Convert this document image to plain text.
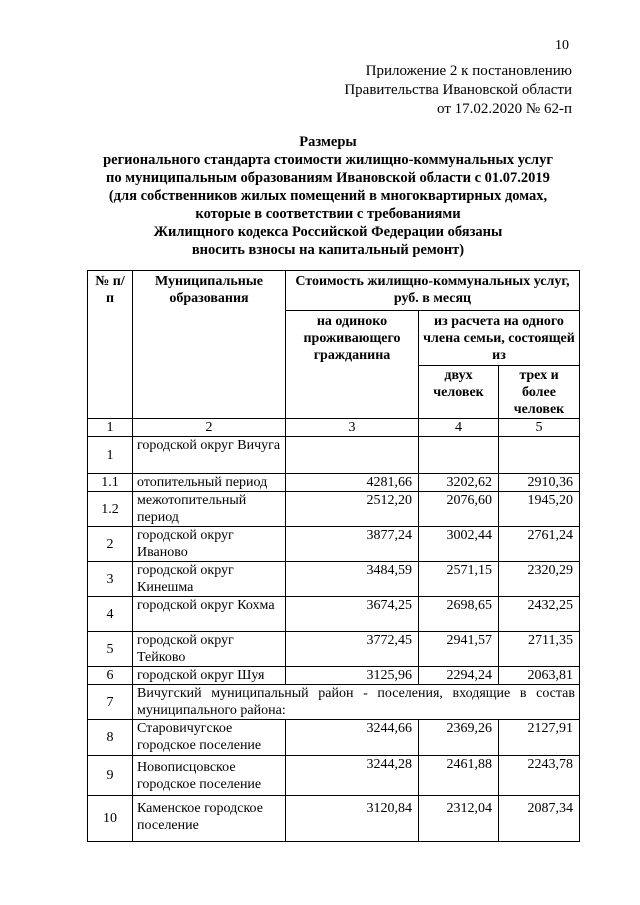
10
Приложение 2 к постановлению
Правительства Ивановской области
от 17.02.2020 № 62-п
Размеры
регионального стандарта стоимости жилищно-коммунальных услуг
по муниципальным образованиям Ивановской области с 01.07.2019
(для собственников жилых помещений в многоквартирных домах,
которые в соответствии с требованиями
Жилищного кодекса Российской Федерации обязаны
вносить взносы на капитальный ремонт)
№ п/п	Муниципальные образования	Стоимость жилищно-коммунальных услуг, руб. в месяц		
		на одиноко проживающего гражданина	из расчета на одного члена семьи, состоящей из	
			двух человек	трех и более человек
1	2	3	4	5
1	городской округ Вичуга			
1.1	отопительный период	4281,66	3202,62	2910,36
1.2	межотопительный период	2512,20	2076,60	1945,20
2	городской округ Иваново	3877,24	3002,44	2761,24
3	городской округ Кинешма	3484,59	2571,15	2320,29
4	городской округ Кохма	3674,25	2698,65	2432,25
5	городской округ Тейково	3772,45	2941,57	2711,35
6	городской округ Шуя	3125,96	2294,24	2063,81
7	Вичугский муниципальный район - поселения, входящие в состав муниципального района:			
8	Старовичугское городское поселение	3244,66	2369,26	2127,91
9	Новописцовское городское поселение	3244,28	2461,88	2243,78
10	Каменское городское поселение	3120,84	2312,04	2087,34
